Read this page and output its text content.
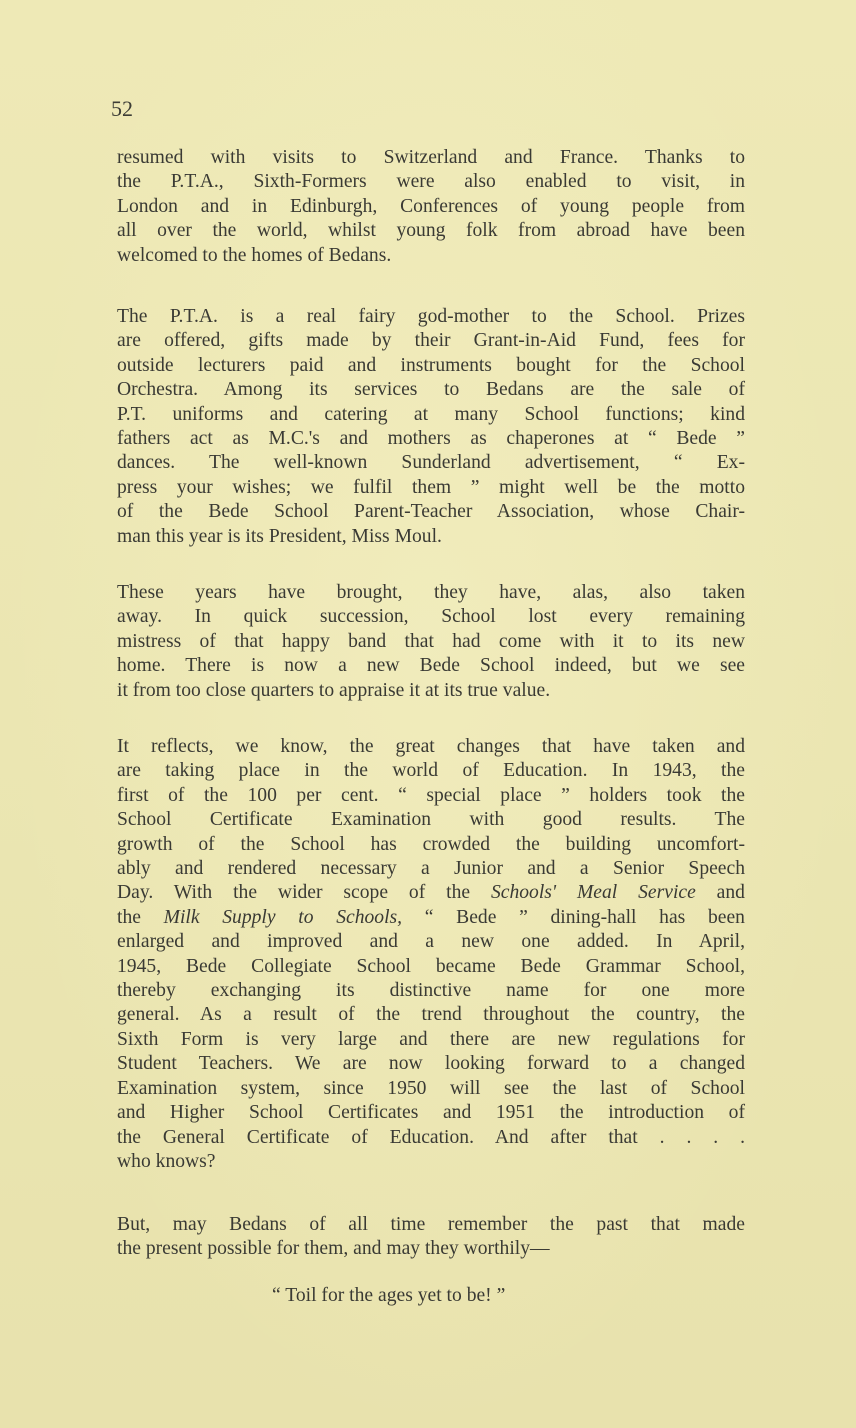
52

resumed with visits to Switzerland and France. Thanks to
the P.T.A., Sixth-Formers were also enabled to visit, in
London and in Edinburgh, Conferences of young people from
all over the world, whilst young folk from abroad have been
welcomed to the homes of Bedans.

The P.T.A. is a real fairy god-mother to the School. Prizes
are offered, gifts made by their Grant-in-Aid Fund, fees for
outside lecturers paid and instruments bought for the School
Orchestra. Among its services to Bedans are the sale of
P.T. uniforms and catering at many School functions; kind
fathers act as M.C.'s and mothers as chaperones at “ Bede ”
dances. The well-known Sunderland advertisement, “ Ex-
press your wishes; we fulfil them ” might well be the motto
of the Bede School Parent-Teacher Association, whose Chair-
man this year is its President, Miss Moul.

These years have brought, they have, alas, also taken
away. In quick succession, School lost every remaining
mistress of that happy band that had come with it to its new
home. There is now a new Bede School indeed, but we see
it from too close quarters to appraise it at its true value.

It reflects, we know, the great changes that have taken and
are taking place in the world of Education. In 1943, the
first of the 100 per cent. “ special place ” holders took the
School Certificate Examination with good results. The
growth of the School has crowded the building uncomfort-
ably and rendered necessary a Junior and a Senior Speech
Day. With the wider scope of the Schools' Meal Service and
the Milk Supply to Schools, “ Bede ” dining-hall has been
enlarged and improved and a new one added. In April,
1945, Bede Collegiate School became Bede Grammar School,
thereby exchanging its distinctive name for one more
general. As a result of the trend throughout the country, the
Sixth Form is very large and there are new regulations for
Student Teachers. We are now looking forward to a changed
Examination system, since 1950 will see the last of School
and Higher School Certificates and 1951 the introduction of
the General Certificate of Education. And after that . . . .
who knows?

But, may Bedans of all time remember the past that made
the present possible for them, and may they worthily—

“ Toil for the ages yet to be! ”
